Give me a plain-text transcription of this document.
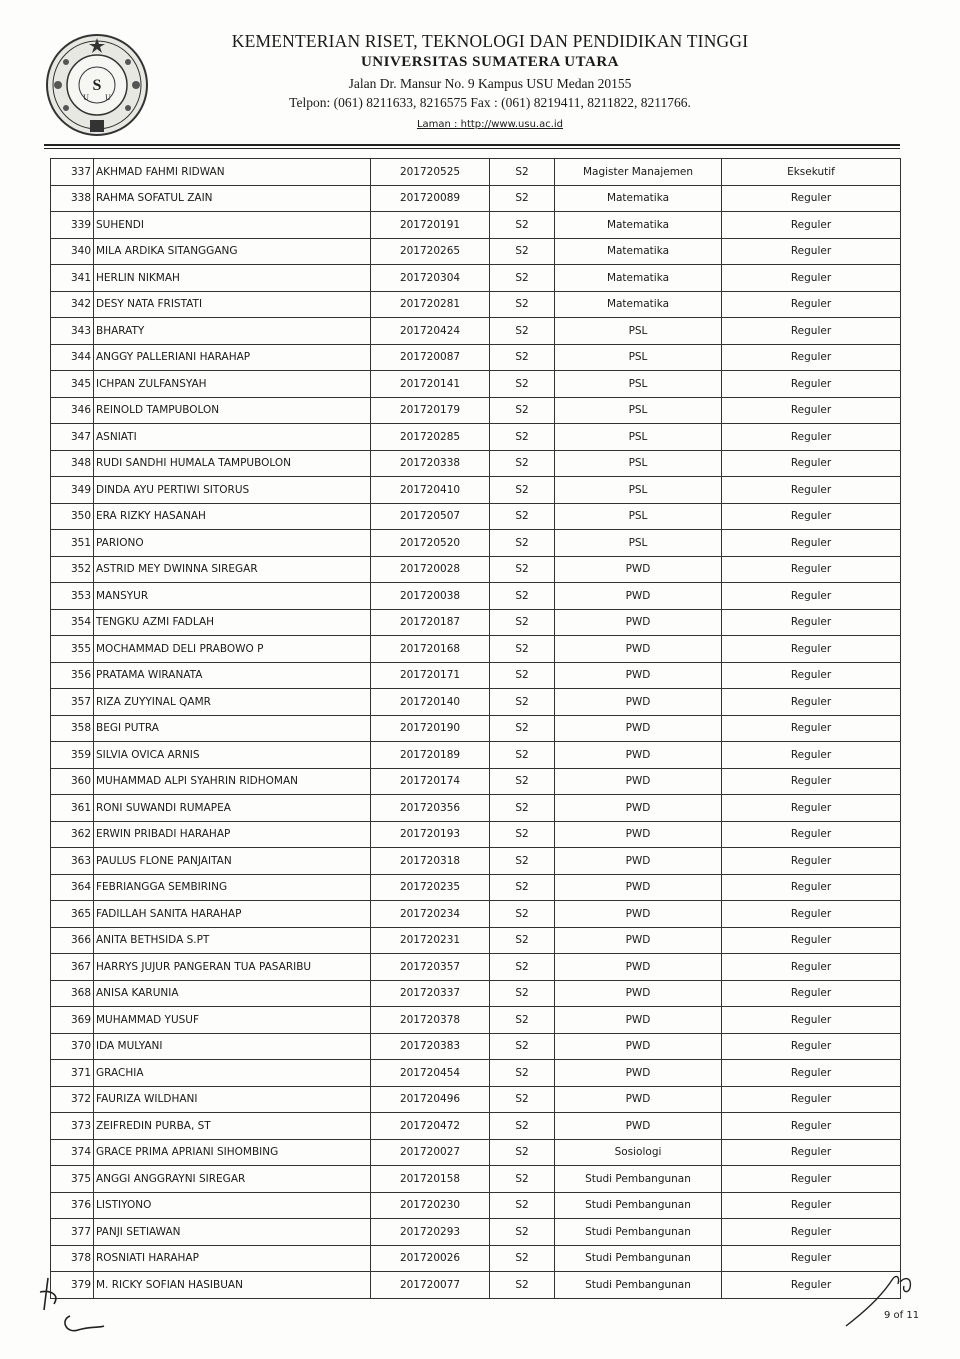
S
U U
KEMENTERIAN RISET, TEKNOLOGI DAN PENDIDIKAN TINGGI
UNIVERSITAS SUMATERA UTARA
Jalan Dr. Mansur No. 9 Kampus USU Medan 20155
Telpon: (061) 8211633, 8216575 Fax : (061) 8219411, 8211822, 8211766.
Laman : http://www.usu.ac.id
337	AKHMAD FAHMI RIDWAN	201720525	S2	Magister Manajemen	Eksekutif
338	RAHMA SOFATUL ZAIN	201720089	S2	Matematika	Reguler
339	SUHENDI	201720191	S2	Matematika	Reguler
340	MILA ARDIKA SITANGGANG	201720265	S2	Matematika	Reguler
341	HERLIN NIKMAH	201720304	S2	Matematika	Reguler
342	DESY NATA FRISTATI	201720281	S2	Matematika	Reguler
343	BHARATY	201720424	S2	PSL	Reguler
344	ANGGY PALLERIANI HARAHAP	201720087	S2	PSL	Reguler
345	ICHPAN ZULFANSYAH	201720141	S2	PSL	Reguler
346	REINOLD TAMPUBOLON	201720179	S2	PSL	Reguler
347	ASNIATI	201720285	S2	PSL	Reguler
348	RUDI SANDHI HUMALA TAMPUBOLON	201720338	S2	PSL	Reguler
349	DINDA AYU PERTIWI SITORUS	201720410	S2	PSL	Reguler
350	ERA RIZKY HASANAH	201720507	S2	PSL	Reguler
351	PARIONO	201720520	S2	PSL	Reguler
352	ASTRID MEY DWINNA SIREGAR	201720028	S2	PWD	Reguler
353	MANSYUR	201720038	S2	PWD	Reguler
354	TENGKU AZMI FADLAH	201720187	S2	PWD	Reguler
355	MOCHAMMAD DELI PRABOWO P	201720168	S2	PWD	Reguler
356	PRATAMA WIRANATA	201720171	S2	PWD	Reguler
357	RIZA ZUYYINAL QAMR	201720140	S2	PWD	Reguler
358	BEGI PUTRA	201720190	S2	PWD	Reguler
359	SILVIA OVICA ARNIS	201720189	S2	PWD	Reguler
360	MUHAMMAD ALPI SYAHRIN RIDHOMAN	201720174	S2	PWD	Reguler
361	RONI SUWANDI RUMAPEA	201720356	S2	PWD	Reguler
362	ERWIN PRIBADI HARAHAP	201720193	S2	PWD	Reguler
363	PAULUS FLONE PANJAITAN	201720318	S2	PWD	Reguler
364	FEBRIANGGA SEMBIRING	201720235	S2	PWD	Reguler
365	FADILLAH SANITA HARAHAP	201720234	S2	PWD	Reguler
366	ANITA BETHSIDA S.PT	201720231	S2	PWD	Reguler
367	HARRYS JUJUR PANGERAN TUA PASARIBU	201720357	S2	PWD	Reguler
368	ANISA KARUNIA	201720337	S2	PWD	Reguler
369	MUHAMMAD YUSUF	201720378	S2	PWD	Reguler
370	IDA MULYANI	201720383	S2	PWD	Reguler
371	GRACHIA	201720454	S2	PWD	Reguler
372	FAURIZA WILDHANI	201720496	S2	PWD	Reguler
373	ZEIFREDIN PURBA, ST	201720472	S2	PWD	Reguler
374	GRACE PRIMA APRIANI SIHOMBING	201720027	S2	Sosiologi	Reguler
375	ANGGI ANGGRAYNI SIREGAR	201720158	S2	Studi Pembangunan	Reguler
376	LISTIYONO	201720230	S2	Studi Pembangunan	Reguler
377	PANJI SETIAWAN	201720293	S2	Studi Pembangunan	Reguler
378	ROSNIATI HARAHAP	201720026	S2	Studi Pembangunan	Reguler
379	M. RICKY SOFIAN HASIBUAN	201720077	S2	Studi Pembangunan	Reguler
9 of 11
